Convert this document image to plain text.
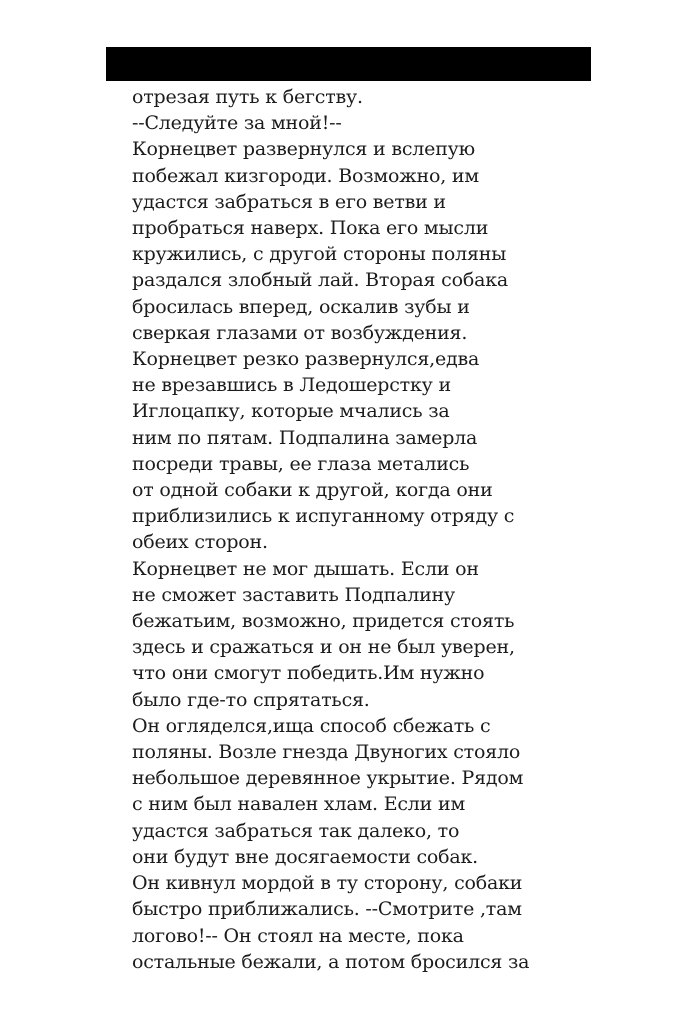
отрезая путь к бегству.
--Следуйте за мной!--
Корнецвет развернулся и вслепую
побежал кизгороди. Возможно, им
удастся забраться в его ветви и
пробраться наверх. Пока его мысли
кружились, с другой стороны поляны
раздался злобный лай. Вторая собака
бросилась вперед, оскалив зубы и
сверкая глазами от возбуждения.
Корнецвет резко развернулся,едва
не врезавшись в Ледошерстку и
Иглоцапку, которые мчались за
ним по пятам. Подпалина замерла
посреди травы, ее глаза метались
от одной собаки к другой, когда они
приблизились к испуганному отряду с
обеих сторон.
Корнецвет не мог дышать. Если он
не сможет заставить Подпалину
бежатьим, возможно, придется стоять
здесь и сражаться и он не был уверен,
что они смогут победить.Им нужно
было где-то спрятаться.
Он огляделся,ища способ сбежать с
поляны. Возле гнезда Двуногих стояло
небольшое деревянное укрытие. Рядом
с ним был навален хлам. Если им
удастся забраться так далеко, то
они будут вне досягаемости собак.
Он кивнул мордой в ту сторону, собаки
быстро приближались. --Смотрите ,там
логово!-- Он стоял на месте, пока
остальные бежали, а потом бросился за
